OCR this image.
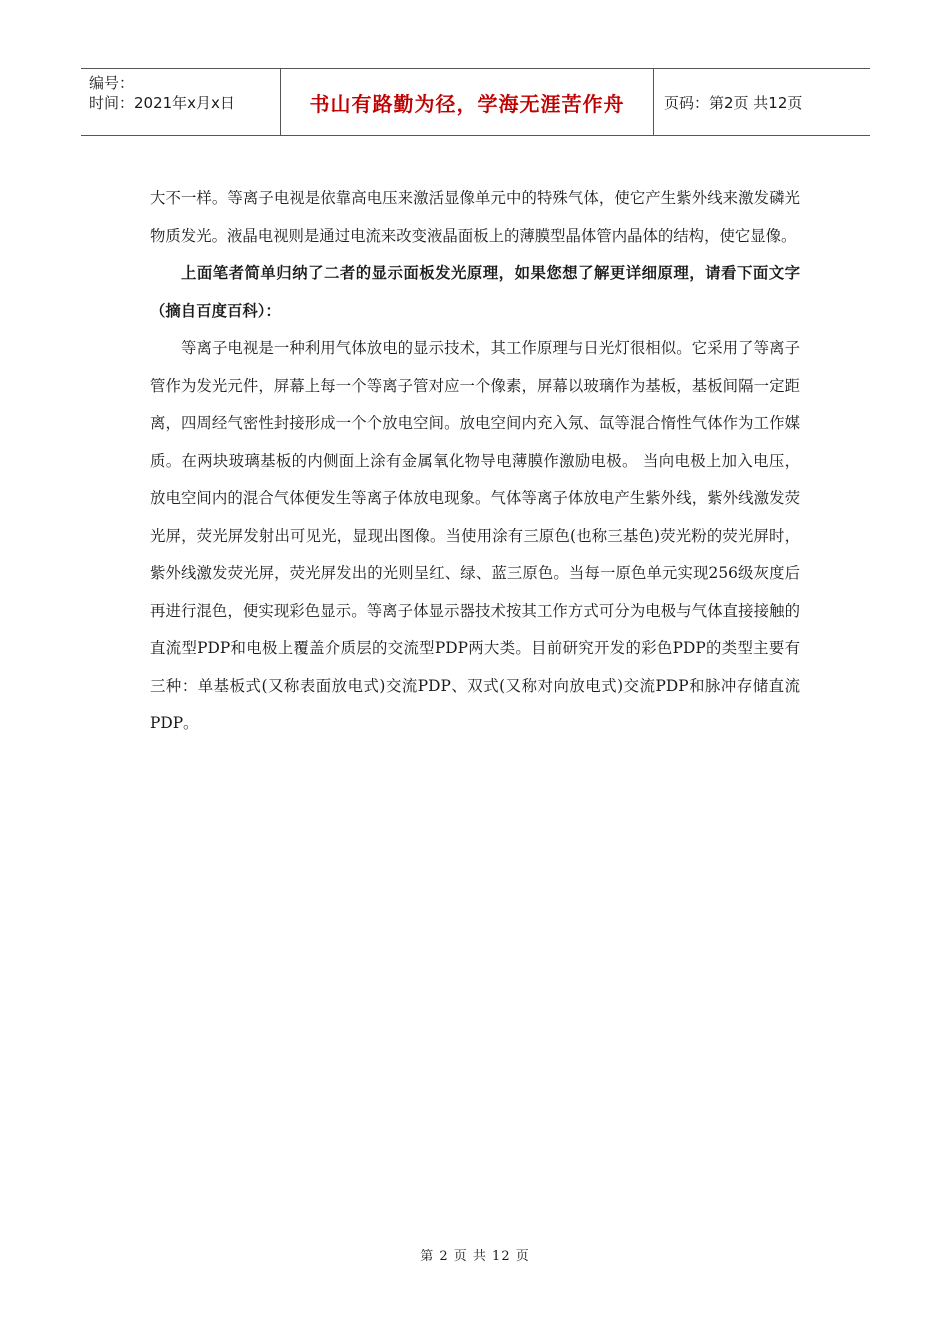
编号：
时间：2021年x月x日	书山有路勤为径，学海无涯苦作舟	页码：第2页 共12页

大不一样。等离子电视是依靠高电压来激活显像单元中的特殊气体，使它产生紫外线来激发磷光物质发光。液晶电视则是通过电流来改变液晶面板上的薄膜型晶体管内晶体的结构，使它显像。

上面笔者简单归纳了二者的显示面板发光原理，如果您想了解更详细原理，请看下面文字（摘自百度百科）：

等离子电视是一种利用气体放电的显示技术，其工作原理与日光灯很相似。它采用了等离子管作为发光元件，屏幕上每一个等离子管对应一个像素，屏幕以玻璃作为基板，基板间隔一定距离，四周经气密性封接形成一个个放电空间。放电空间内充入氖、氙等混合惰性气体作为工作媒质。在两块玻璃基板的内侧面上涂有金属氧化物导电薄膜作激励电极。 当向电极上加入电压，放电空间内的混合气体便发生等离子体放电现象。气体等离子体放电产生紫外线，紫外线激发荧光屏，荧光屏发射出可见光，显现出图像。当使用涂有三原色(也称三基色)荧光粉的荧光屏时，紫外线激发荧光屏，荧光屏发出的光则呈红、绿、蓝三原色。当每一原色单元实现256级灰度后再进行混色，便实现彩色显示。等离子体显示器技术按其工作方式可分为电极与气体直接接触的直流型PDP和电极上覆盖介质层的交流型PDP两大类。目前研究开发的彩色PDP的类型主要有三种：单基板式(又称表面放电式)交流PDP、双式(又称对向放电式)交流PDP和脉冲存储直流PDP。

第 2 页 共 12 页
